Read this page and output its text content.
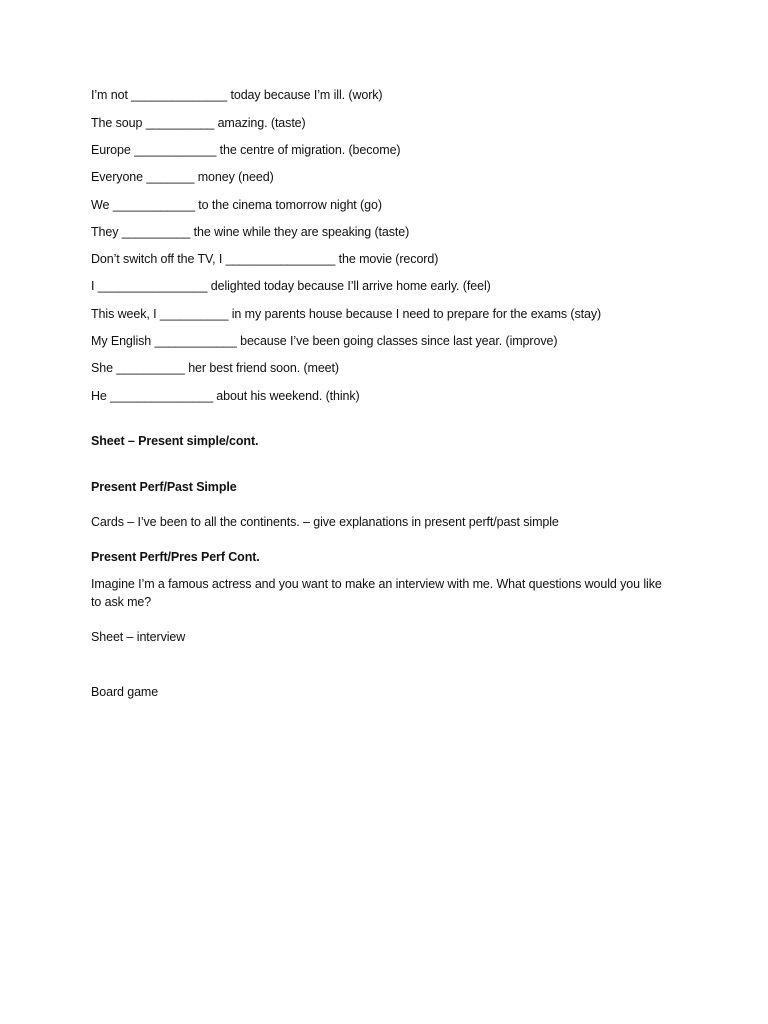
I’m not ______________ today because I’m ill. (work)
The soup __________ amazing. (taste)
Europe ____________ the centre of migration. (become)
Everyone _______ money (need)
We ____________ to the cinema tomorrow night (go)
They __________ the wine while they are speaking (taste)
Don’t switch off the TV, I ________________ the movie (record)
I ________________ delighted today because I’ll arrive home early. (feel)
This week, I __________ in my parents house because I need to prepare for the exams (stay)
My English ____________ because I’ve been going classes since last year. (improve)
She __________ her best friend soon. (meet)
He _______________ about his weekend. (think)
Sheet – Present simple/cont.
Present Perf/Past Simple
Cards – I’ve been to all the continents. – give explanations in present perft/past simple
Present Perft/Pres Perf Cont.
Imagine I’m a famous actress and you want to make an interview with me. What questions would you like to ask me?
Sheet – interview
Board game
